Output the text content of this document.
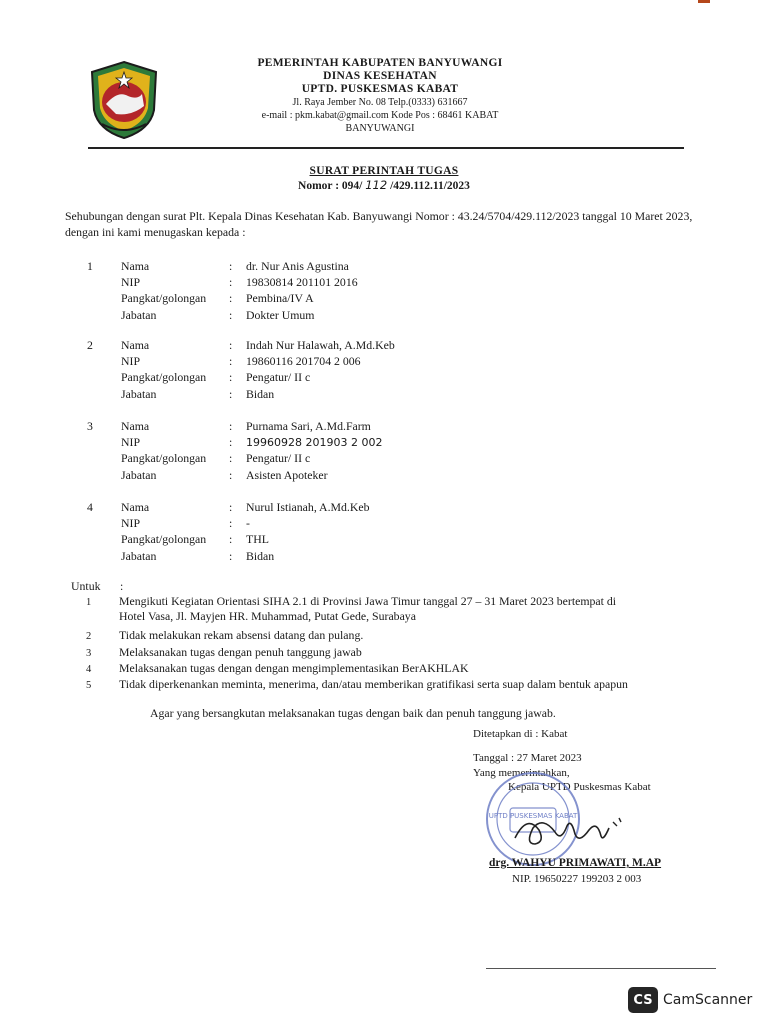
PEMERINTAH KABUPATEN BANYUWANGI
DINAS KESEHATAN
UPTD. PUSKESMAS KABAT
Jl. Raya Jember No. 08 Telp.(0333) 631667
e-mail : pkm.kabat@gmail.com Kode Pos : 68461 KABAT
BANYUWANGI
SURAT PERINTAH TUGAS
Nomor : 094/ 112 /429.112.11/2023
Sehubungan dengan surat Plt. Kepala Dinas Kesehatan Kab. Banyuwangi Nomor : 43.24/5704/429.112/2023 tanggal 10 Maret 2023, dengan ini kami menugaskan kepada :
1 Nama	: dr. Nur Anis Agustina
NIP	: 19830814 201101 2016
Pangkat/golongan : Pembina/IV A
Jabatan	: Dokter Umum
2 Nama	: Indah Nur Halawah, A.Md.Keb
NIP	: 19860116 201704 2 006
Pangkat/golongan : Pengatur/ II c
Jabatan	: Bidan
3 Nama	: Purnama Sari, A.Md.Farm
NIP	: 19960928 201903 2 002
Pangkat/golongan : Pengatur/ II c
Jabatan	: Asisten Apoteker
4 Nama	: Nurul Istianah, A.Md.Keb
NIP	: -
Pangkat/golongan : THL
Jabatan	: Bidan
Untuk :
1 Mengikuti Kegiatan Orientasi SIHA 2.1 di Provinsi Jawa Timur tanggal 27 – 31 Maret 2023 bertempat di
Hotel Vasa, Jl. Mayjen HR. Muhammad, Putat Gede, Surabaya
2 Tidak melakukan rekam absensi datang dan pulang.
3 Melaksanakan tugas dengan penuh tanggung jawab
4 Melaksanakan tugas dengan dengan mengimplementasikan BerAKHLAK
5 Tidak diperkenankan meminta, menerima, dan/atau memberikan gratifikasi serta suap dalam bentuk apapun
Agar yang bersangkutan melaksanakan tugas dengan baik dan penuh tanggung jawab.
Ditetapkan di : Kabat
Tanggal : 27 Maret 2023
Yang memerintahkan,
Kepala UPTD Puskesmas Kabat
UPTD PUSKESMAS KABAT
drg. WAHYU PRIMAWATI, M.AP
NIP. 19650227 199203 2 003
CS CamScanner
